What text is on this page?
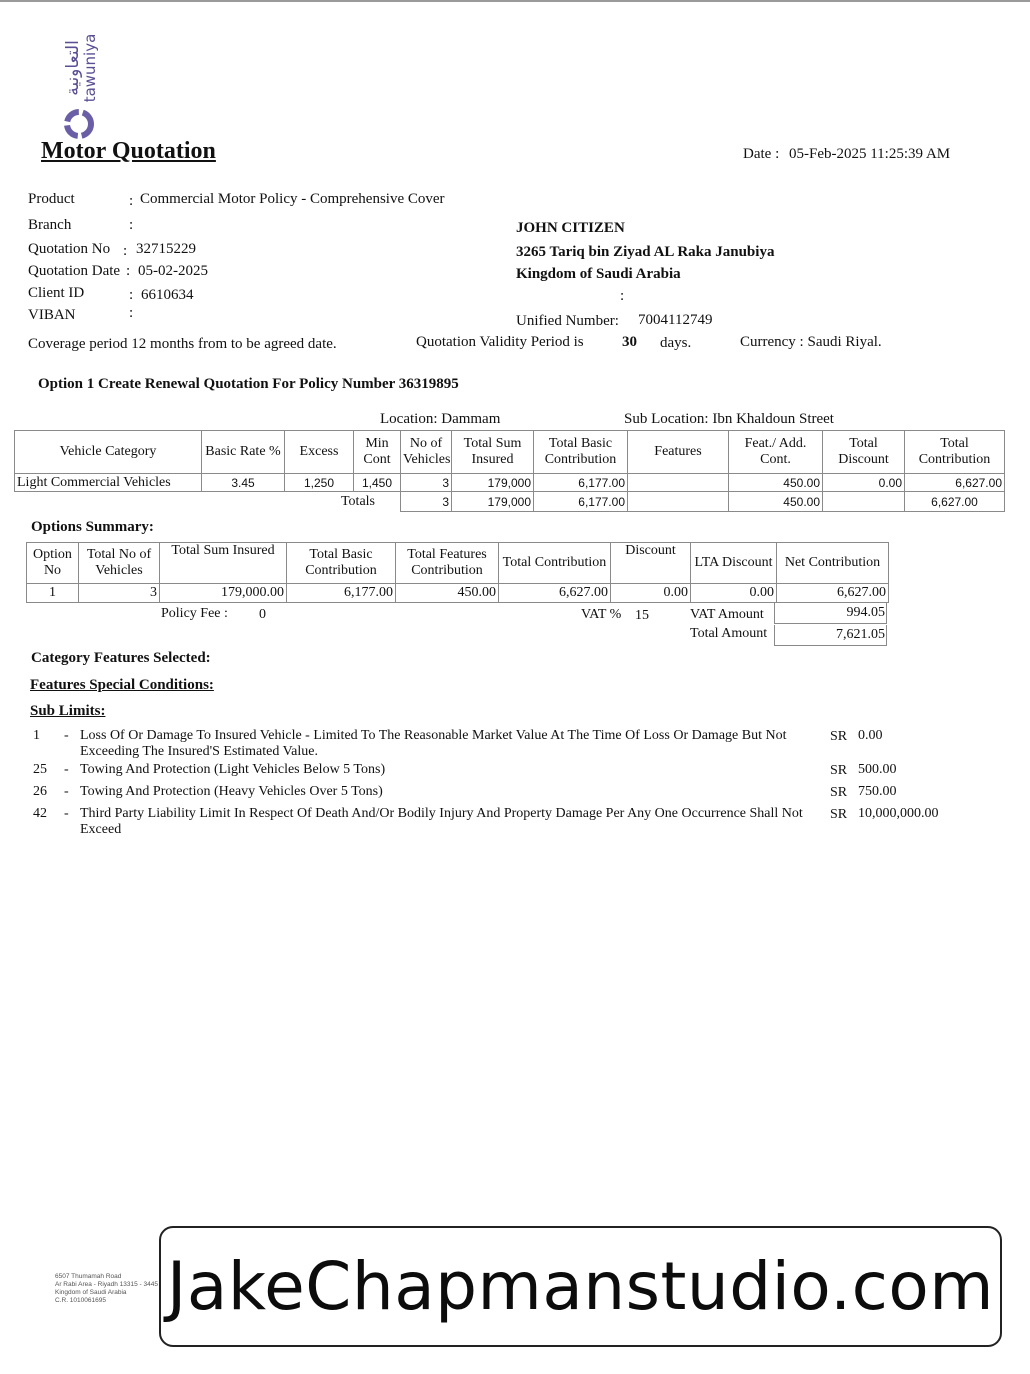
التعاونية
tawuniya
Motor Quotation	Date : 05-Feb-2025 11:25:39 AM
Product	: Commercial Motor Policy - Comprehensive Cover
Branch	:
Quotation No : 32715229
Quotation Date : 05-02-2025
Client ID	: 6610634
VIBAN	:
JOHN CITIZEN
3265 Tariq bin Ziyad AL Raka Janubiya
Kingdom of Saudi Arabia
:
Unified Number: 7004112749
Coverage period 12 months from to be agreed date.	Quotation Validity Period is	30 days.	Currency : Saudi Riyal.
Option 1 Create Renewal Quotation For Policy Number 36319895
Location: Dammam	Sub Location: Ibn Khaldoun Street
Vehicle Category	Basic Rate %	Excess	Min Cont	No of Vehicles	Total Sum Insured	Total Basic Contribution	Features	Feat./ Add. Cont.	Total Discount	Total Contribution
Light Commercial Vehicles	3.45	1,250	1,450	3	179,000	6,177.00		450.00	0.00	6,627.00
		Totals		3	179,000	6,177.00		450.00		6,627.00
Options Summary:
Option No	Total No of Vehicles	Total Sum Insured	Total Basic Contribution	Total Features Contribution	Total Contribution	Discount	LTA Discount	Net Contribution
1	3	179,000.00	6,177.00	450.00	6,627.00	0.00	0.00	6,627.00
Policy Fee : 0	VAT % 15	VAT Amount	994.05
Total Amount	7,621.05
Category Features Selected:
Features Special Conditions:
Sub Limits:
1	- Loss Of Or Damage To Insured Vehicle - Limited To The Reasonable Market Value At The Time Of Loss Or Damage But Not Exceeding The Insured'S Estimated Value.
SR 0.00
25	- Towing And Protection (Light Vehicles Below 5 Tons)	SR 500.00
26	- Towing And Protection (Heavy Vehicles Over 5 Tons)	SR 750.00
42	- Third Party Liability Limit In Respect Of Death And/Or Bodily Injury And Property Damage Per Any One Occurrence Shall Not Exceed
SR 10,000,000.00
6507 Thumamah Road
Ar Rabi Area - Riyadh 13315 - 3445
Kingdom of Saudi Arabia
C.R. 1010061695 JakeChapmanstudio.com
